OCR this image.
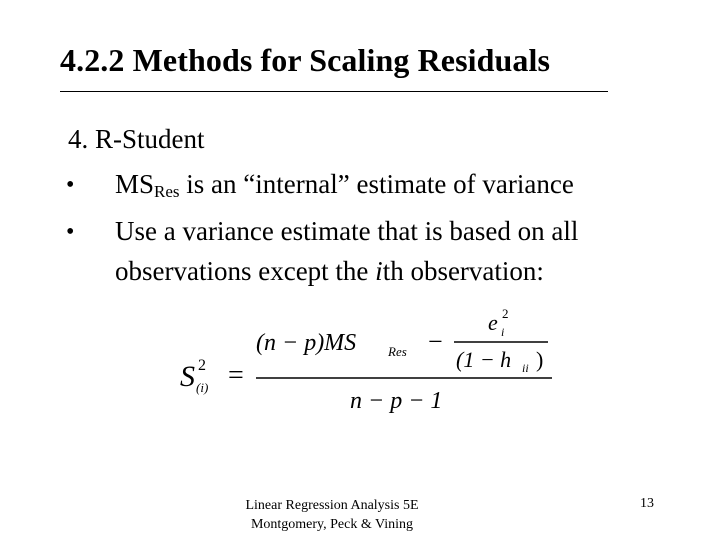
4.2.2 Methods for Scaling Residuals
4. R-Student
• MSRes is an “internal” estimate of variance
• Use a variance estimate that is based on all
observations except the ith observation:
S 2
(i) =
(n − p)MS Res −
e 2
i
(1 − h ii )
n − p − 1
Linear Regression Analysis 5E
Montgomery, Peck & Vining
13
